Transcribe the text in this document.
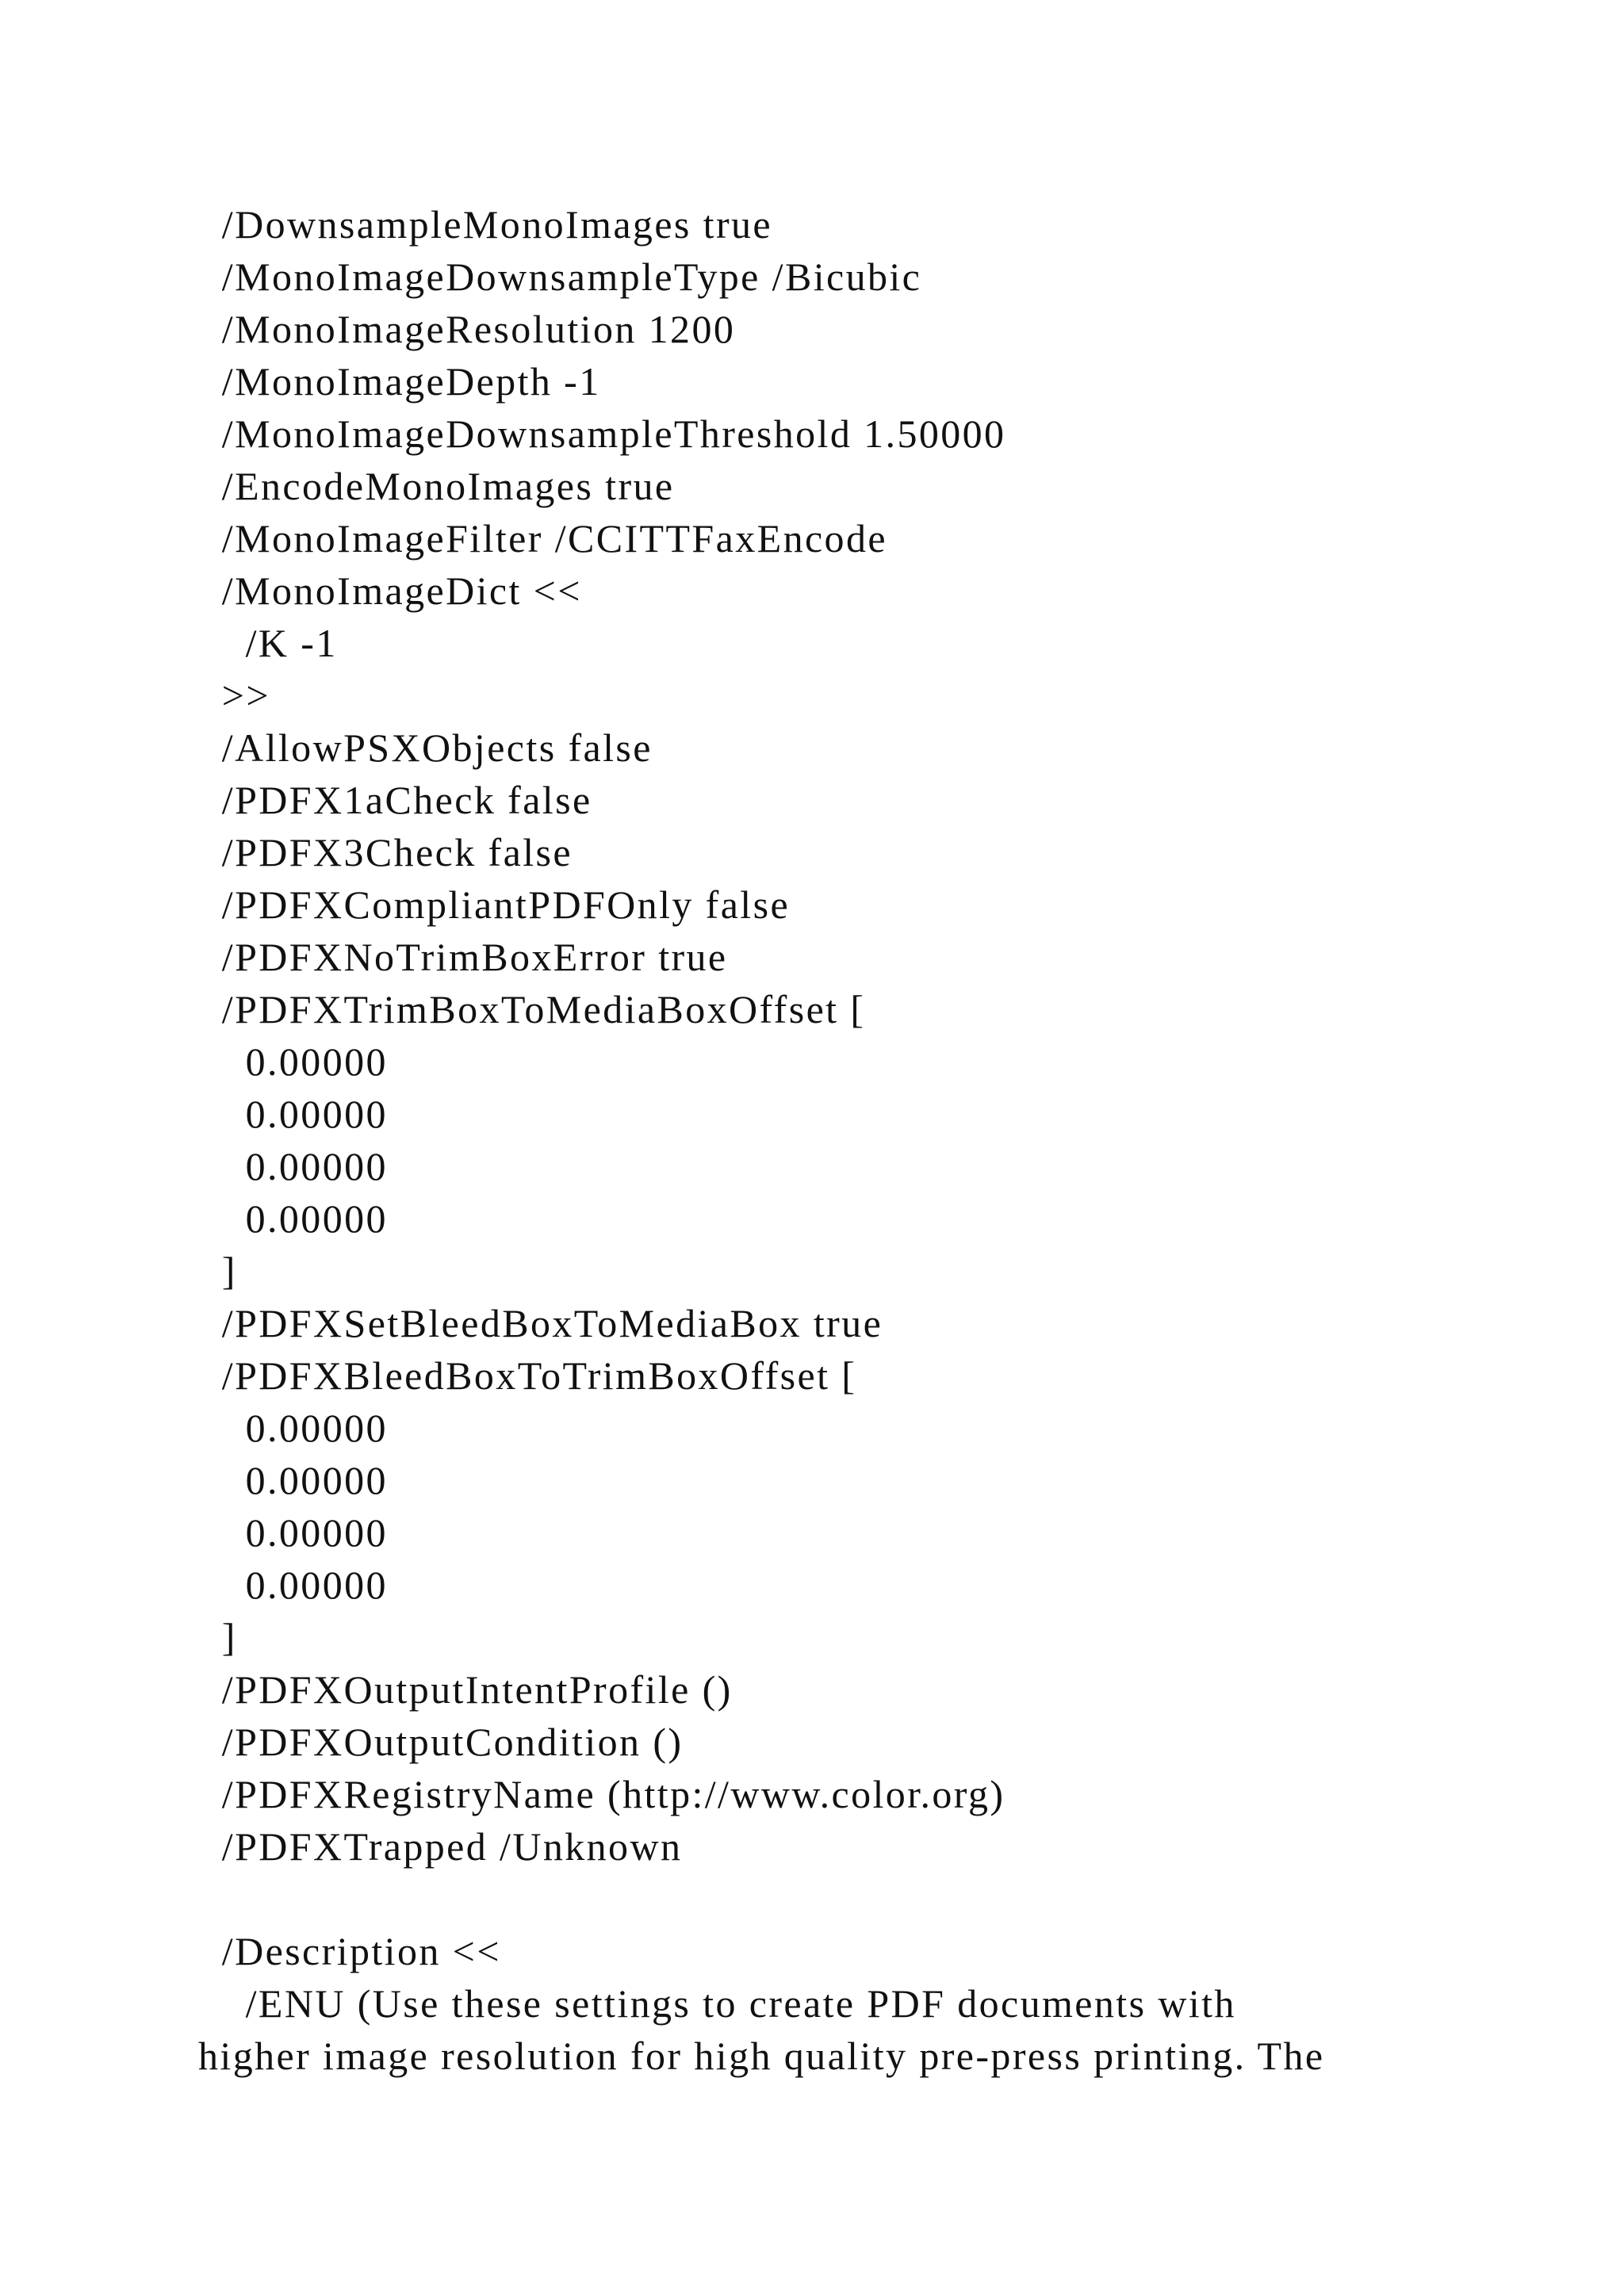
/DownsampleMonoImages true
/MonoImageDownsampleType /Bicubic
/MonoImageResolution 1200
/MonoImageDepth -1
/MonoImageDownsampleThreshold 1.50000
/EncodeMonoImages true
/MonoImageFilter /CCITTFaxEncode
/MonoImageDict <<
/K -1
>>
/AllowPSXObjects false
/PDFX1aCheck false
/PDFX3Check false
/PDFXCompliantPDFOnly false
/PDFXNoTrimBoxError true
/PDFXTrimBoxToMediaBoxOffset [
0.00000
0.00000
0.00000
0.00000
]
/PDFXSetBleedBoxToMediaBox true
/PDFXBleedBoxToTrimBoxOffset [
0.00000
0.00000
0.00000
0.00000
]
/PDFXOutputIntentProfile ()
/PDFXOutputCondition ()
/PDFXRegistryName (http://www.color.org)
/PDFXTrapped /Unknown
/Description <<
/ENU (Use these settings to create PDF documents with
higher image resolution for high quality pre-press printing. The
